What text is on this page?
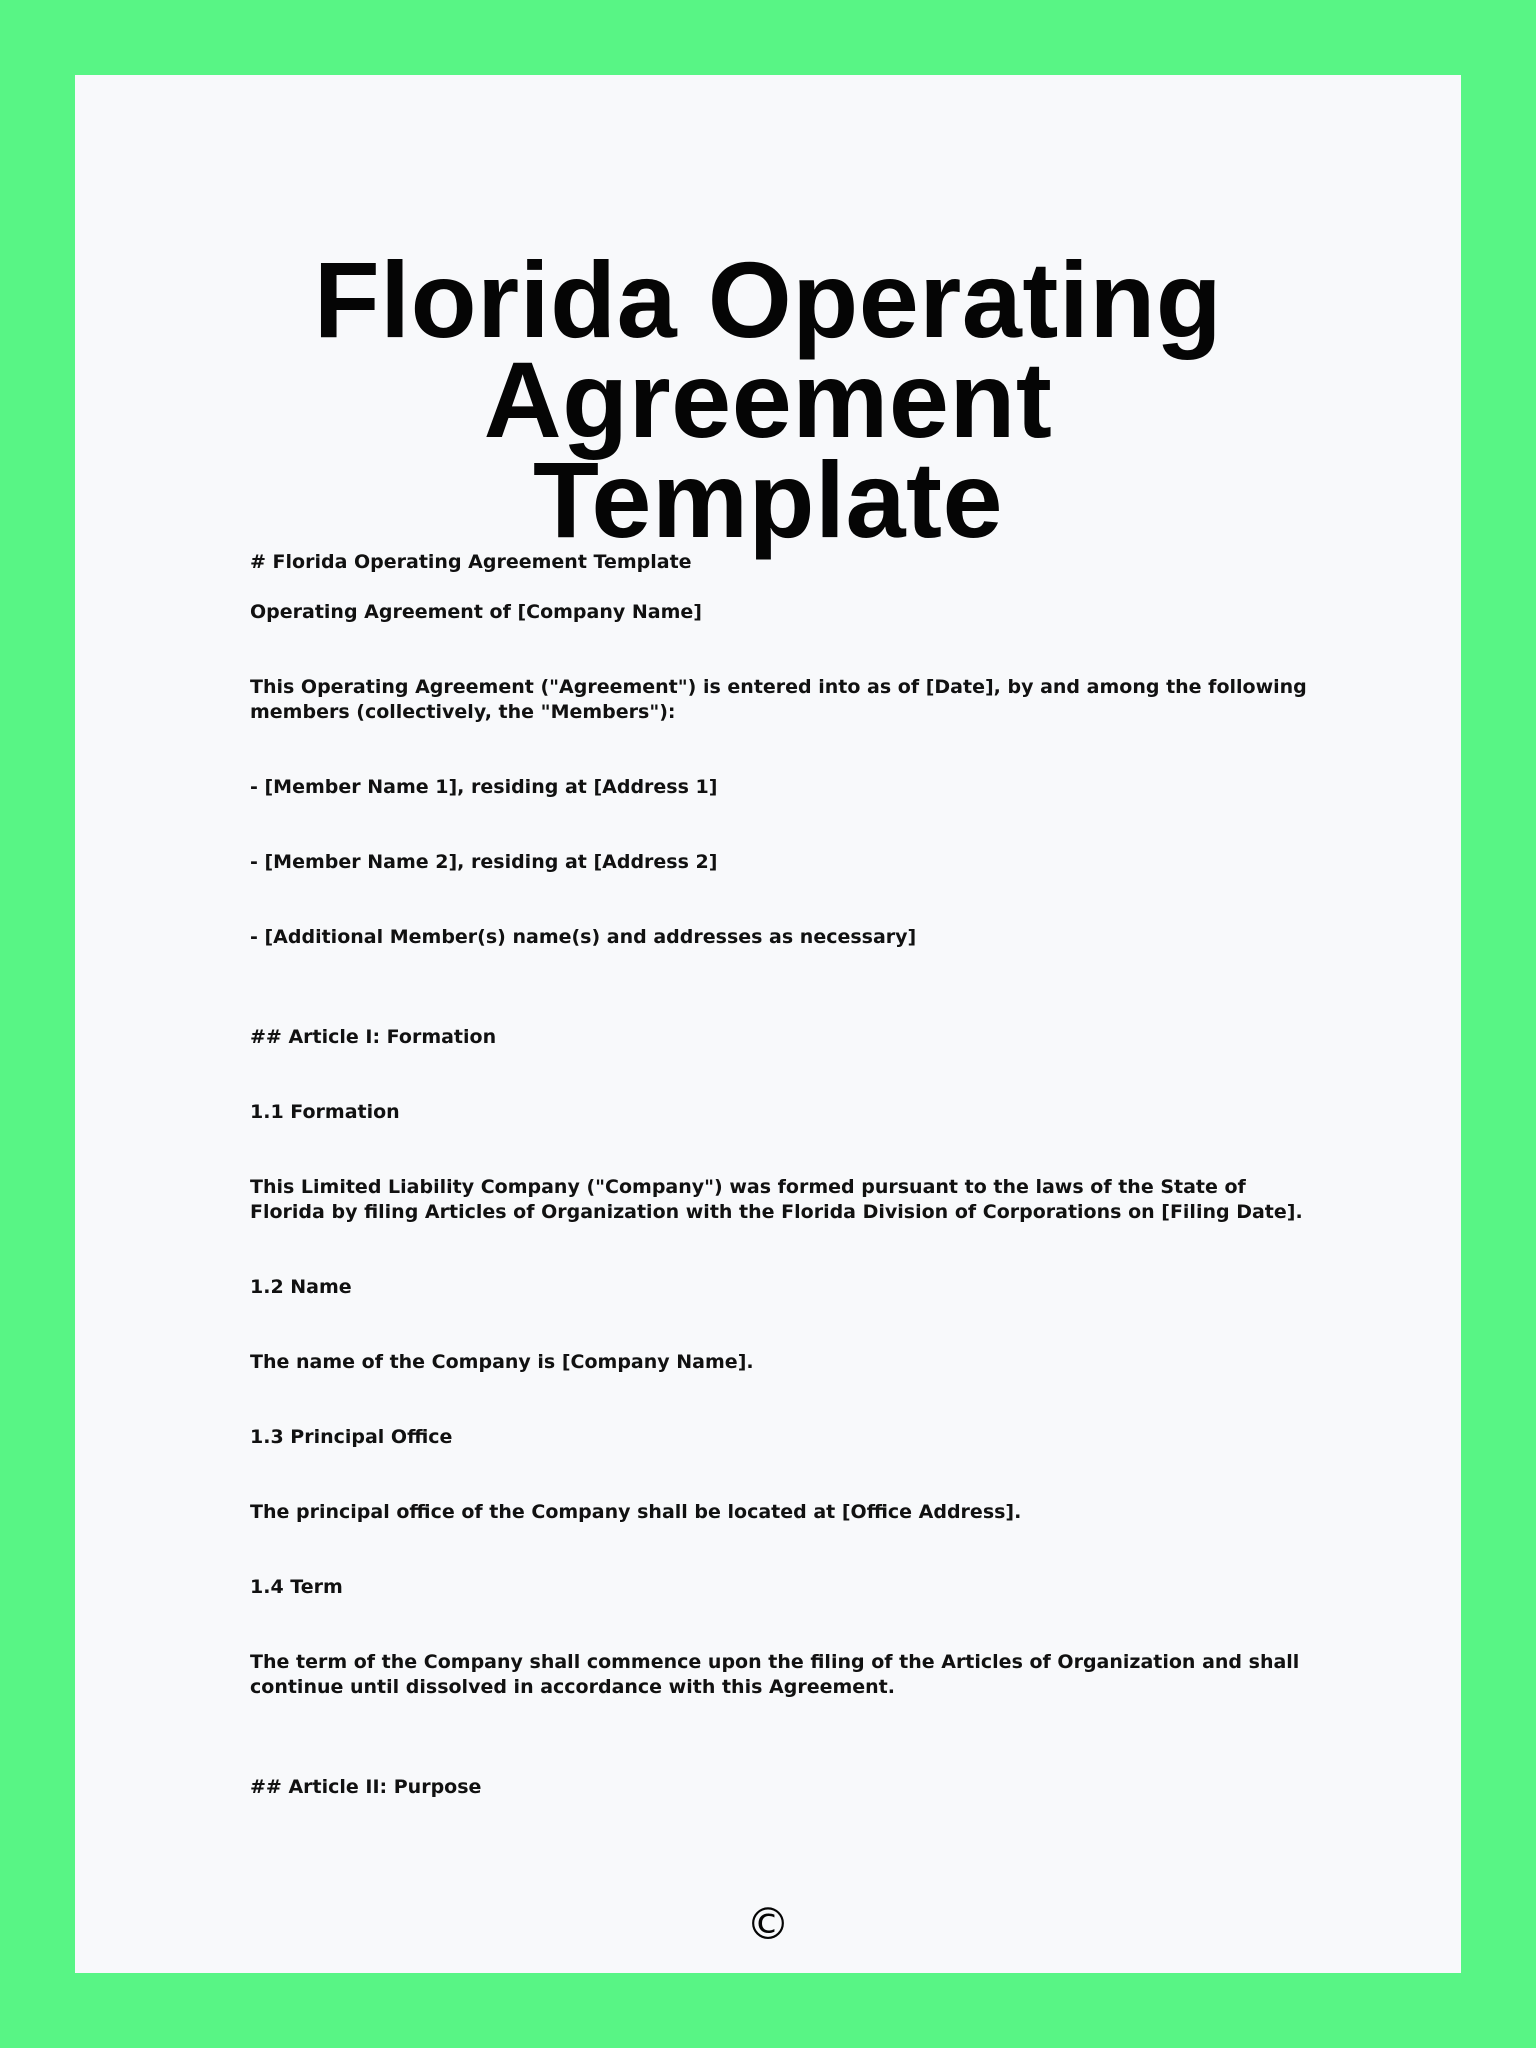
Florida Operating Agreement
Template

# Florida Operating Agreement Template

Operating Agreement of [Company Name]

This Operating Agreement ("Agreement") is entered into as of [Date], by and among the following members (collectively, the "Members"):

- [Member Name 1], residing at [Address 1]

- [Member Name 2], residing at [Address 2]

- [Additional Member(s) name(s) and addresses as necessary]

## Article I: Formation

1.1 Formation

This Limited Liability Company ("Company") was formed pursuant to the laws of the State of Florida by filing Articles of Organization with the Florida Division of Corporations on [Filing Date].

1.2 Name

The name of the Company is [Company Name].

1.3 Principal Office

The principal office of the Company shall be located at [Office Address].

1.4 Term

The term of the Company shall commence upon the filing of the Articles of Organization and shall continue until dissolved in accordance with this Agreement.

## Article II: Purpose

©
